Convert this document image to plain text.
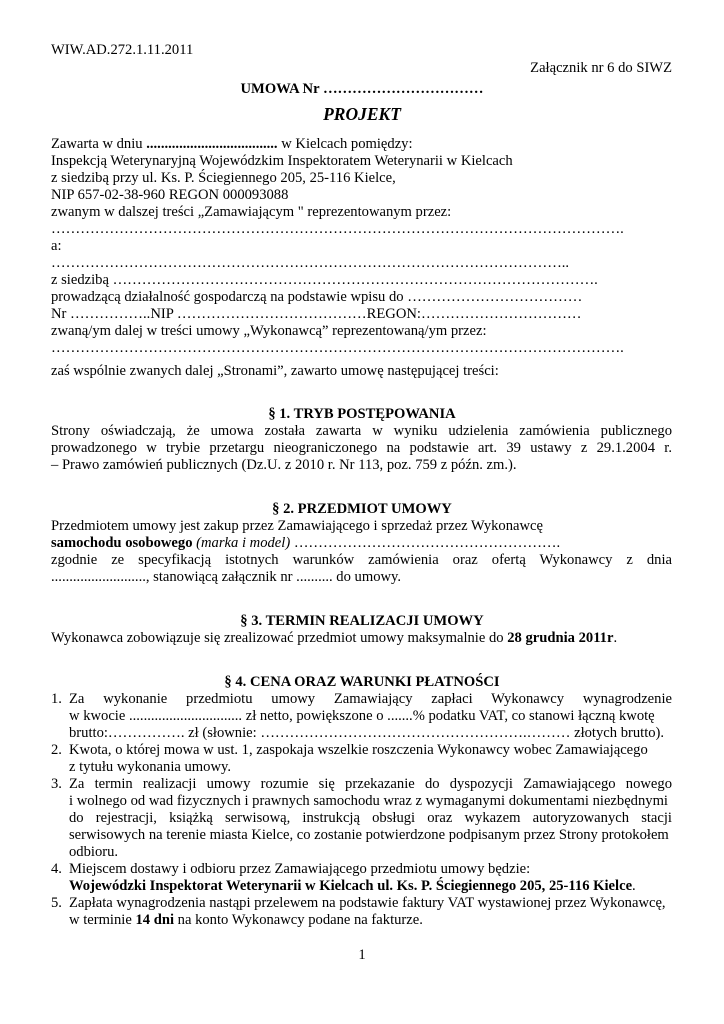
WIW.AD.272.1.11.2011
Załącznik nr 6 do SIWZ
UMOWA Nr ……………………………
PROJEKT
Zawarta w dniu .................................... w Kielcach pomiędzy:
Inspekcją Weterynaryjną Wojewódzkim Inspektoratem Weterynarii w Kielcach
z siedzibą przy ul. Ks. P. Ściegiennego 205, 25-116 Kielce,
NIP 657-02-38-960 REGON 000093088
zwanym w dalszej treści „Zamawiającym " reprezentowanym przez:
……………………………………………………………………………………………………….
a:
……………………………………………………………………………………………..
z siedzibą ……………………………………………………………………………………….
prowadzącą działalność gospodarczą na podstawie wpisu do ………………………………
Nr ……………..NIP …………………………………REGON:……………………………
zwaną/ym dalej w treści umowy „Wykonawcą” reprezentowaną/ym przez:
……………………………………………………………………………………………………….
zaś wspólnie zwanych dalej „Stronami”, zawarto umowę następującej treści:
§ 1. TRYB POSTĘPOWANIA
Strony oświadczają, że umowa została zawarta w wyniku udzielenia zamówienia publicznego
prowadzonego w trybie przetargu nieograniczonego na podstawie art. 39 ustawy z 29.1.2004 r.
– Prawo zamówień publicznych (Dz.U. z 2010 r. Nr 113, poz. 759 z późn. zm.).
§ 2. PRZEDMIOT UMOWY
Przedmiotem umowy jest zakup przez Zamawiającego i sprzedaż przez Wykonawcę
samochodu osobowego (marka i model) ……………………………………………….
zgodnie ze specyfikacją istotnych warunków zamówienia oraz ofertą Wykonawcy z dnia
.........................., stanowiącą załącznik nr .......... do umowy.
§ 3. TERMIN REALIZACJI UMOWY
Wykonawca zobowiązuje się zrealizować przedmiot umowy maksymalnie do 28 grudnia 2011r.
§ 4. CENA ORAZ WARUNKI PŁATNOŚCI
1. Za wykonanie przedmiotu umowy Zamawiający zapłaci Wykonawcy wynagrodzenie
w kwocie ............................... zł netto, powiększone o .......% podatku VAT, co stanowi łączną kwotę
brutto:……………. zł (słownie: ……………………………………………….……… złotych brutto).
2. Kwota, o której mowa w ust. 1, zaspokaja wszelkie roszczenia Wykonawcy wobec Zamawiającego
z tytułu wykonania umowy.
3. Za termin realizacji umowy rozumie się przekazanie do dyspozycji Zamawiającego nowego
i wolnego od wad fizycznych i prawnych samochodu wraz z wymaganymi dokumentami niezbędnymi
do rejestracji, książką serwisową, instrukcją obsługi oraz wykazem autoryzowanych stacji
serwisowych na terenie miasta Kielce, co zostanie potwierdzone podpisanym przez Strony protokołem
odbioru.
4. Miejscem dostawy i odbioru przez Zamawiającego przedmiotu umowy będzie:
Wojewódzki Inspektorat Weterynarii w Kielcach ul. Ks. P. Ściegiennego 205, 25-116 Kielce.
5. Zapłata wynagrodzenia nastąpi przelewem na podstawie faktury VAT wystawionej przez Wykonawcę,
w terminie 14 dni na konto Wykonawcy podane na fakturze.
1
